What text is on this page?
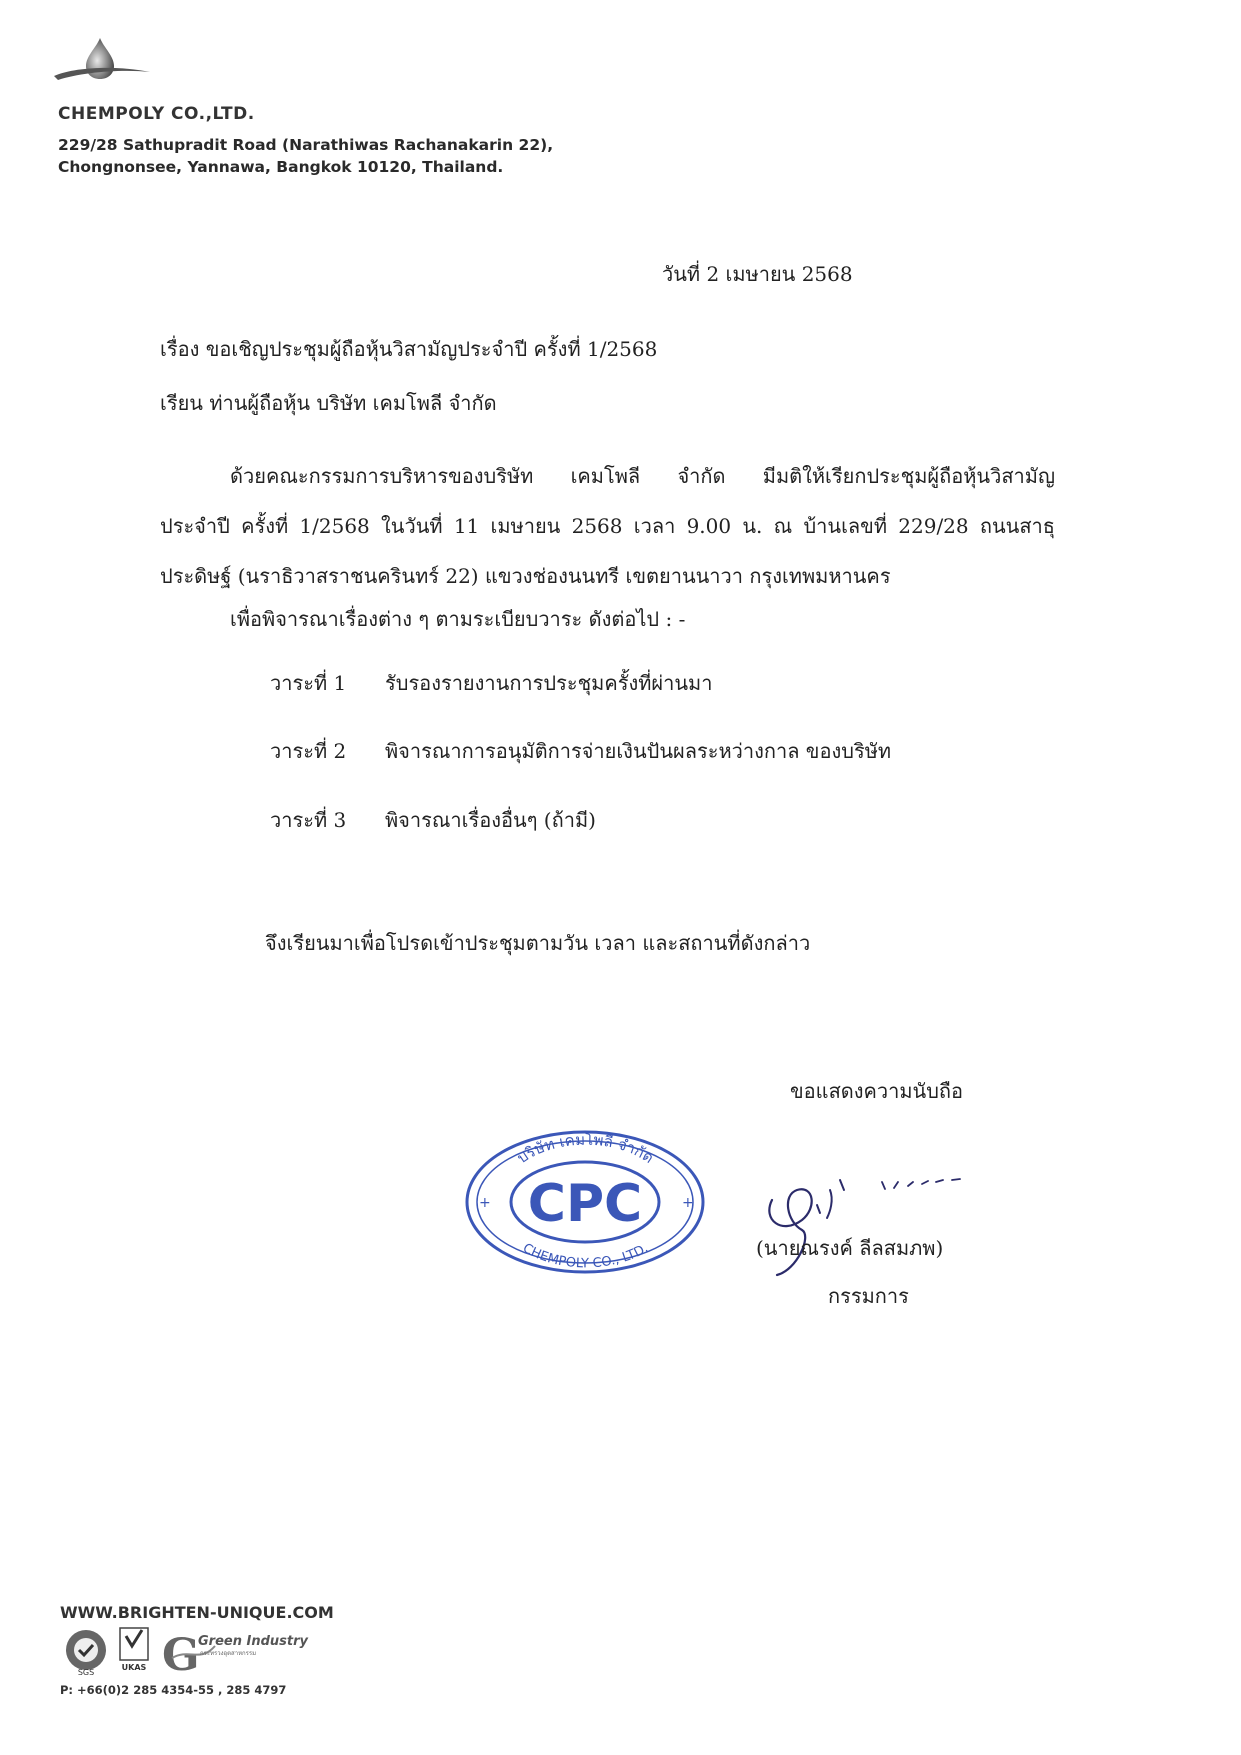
CHEMPOLY CO.,LTD.
229/28 Sathupradit Road (Narathiwas Rachanakarin 22),
Chongnonsee, Yannawa, Bangkok 10120, Thailand.
วันที่ 2 เมษายน 2568
เรื่อง ขอเชิญประชุมผู้ถือหุ้นวิสามัญประจำปี ครั้งที่ 1/2568
เรียน ท่านผู้ถือหุ้น บริษัท เคมโพลี จำกัด
ด้วยคณะกรรมการบริหารของบริษัท เคมโพลี จำกัด มีมติให้เรียกประชุมผู้ถือหุ้นวิสามัญ
ประจำปี ครั้งที่ 1/2568 ในวันที่ 11 เมษายน 2568 เวลา 9.00 น. ณ บ้านเลขที่ 229/28 ถนนสาธุ
ประดิษฐ์ (นราธิวาสราชนครินทร์ 22) แขวงช่องนนทรี เขตยานนาวา กรุงเทพมหานคร
เพื่อพิจารณาเรื่องต่าง ๆ ตามระเบียบวาระ ดังต่อไป : -
วาระที่ 1 รับรองรายงานการประชุมครั้งที่ผ่านมา
วาระที่ 2 พิจารณาการอนุมัติการจ่ายเงินปันผลระหว่างกาล ของบริษัท
วาระที่ 3 พิจารณาเรื่องอื่นๆ (ถ้ามี)
จึงเรียนมาเพื่อโปรดเข้าประชุมตามวัน เวลา และสถานที่ดังกล่าว
ขอแสดงความนับถือ
บริษัท เคมโพลี จำกัด
CHEMPOLY CO., LTD.
CPC
+	+
(นายณรงค์ ลีลสมภพ)
กรรมการ
WWW.BRIGHTEN-UNIQUE.COM
SGS
UKAS G
Green Industry
กระทรวงอุตสาหกรรม
P: +66(0)2 285 4354-55 , 285 4797
